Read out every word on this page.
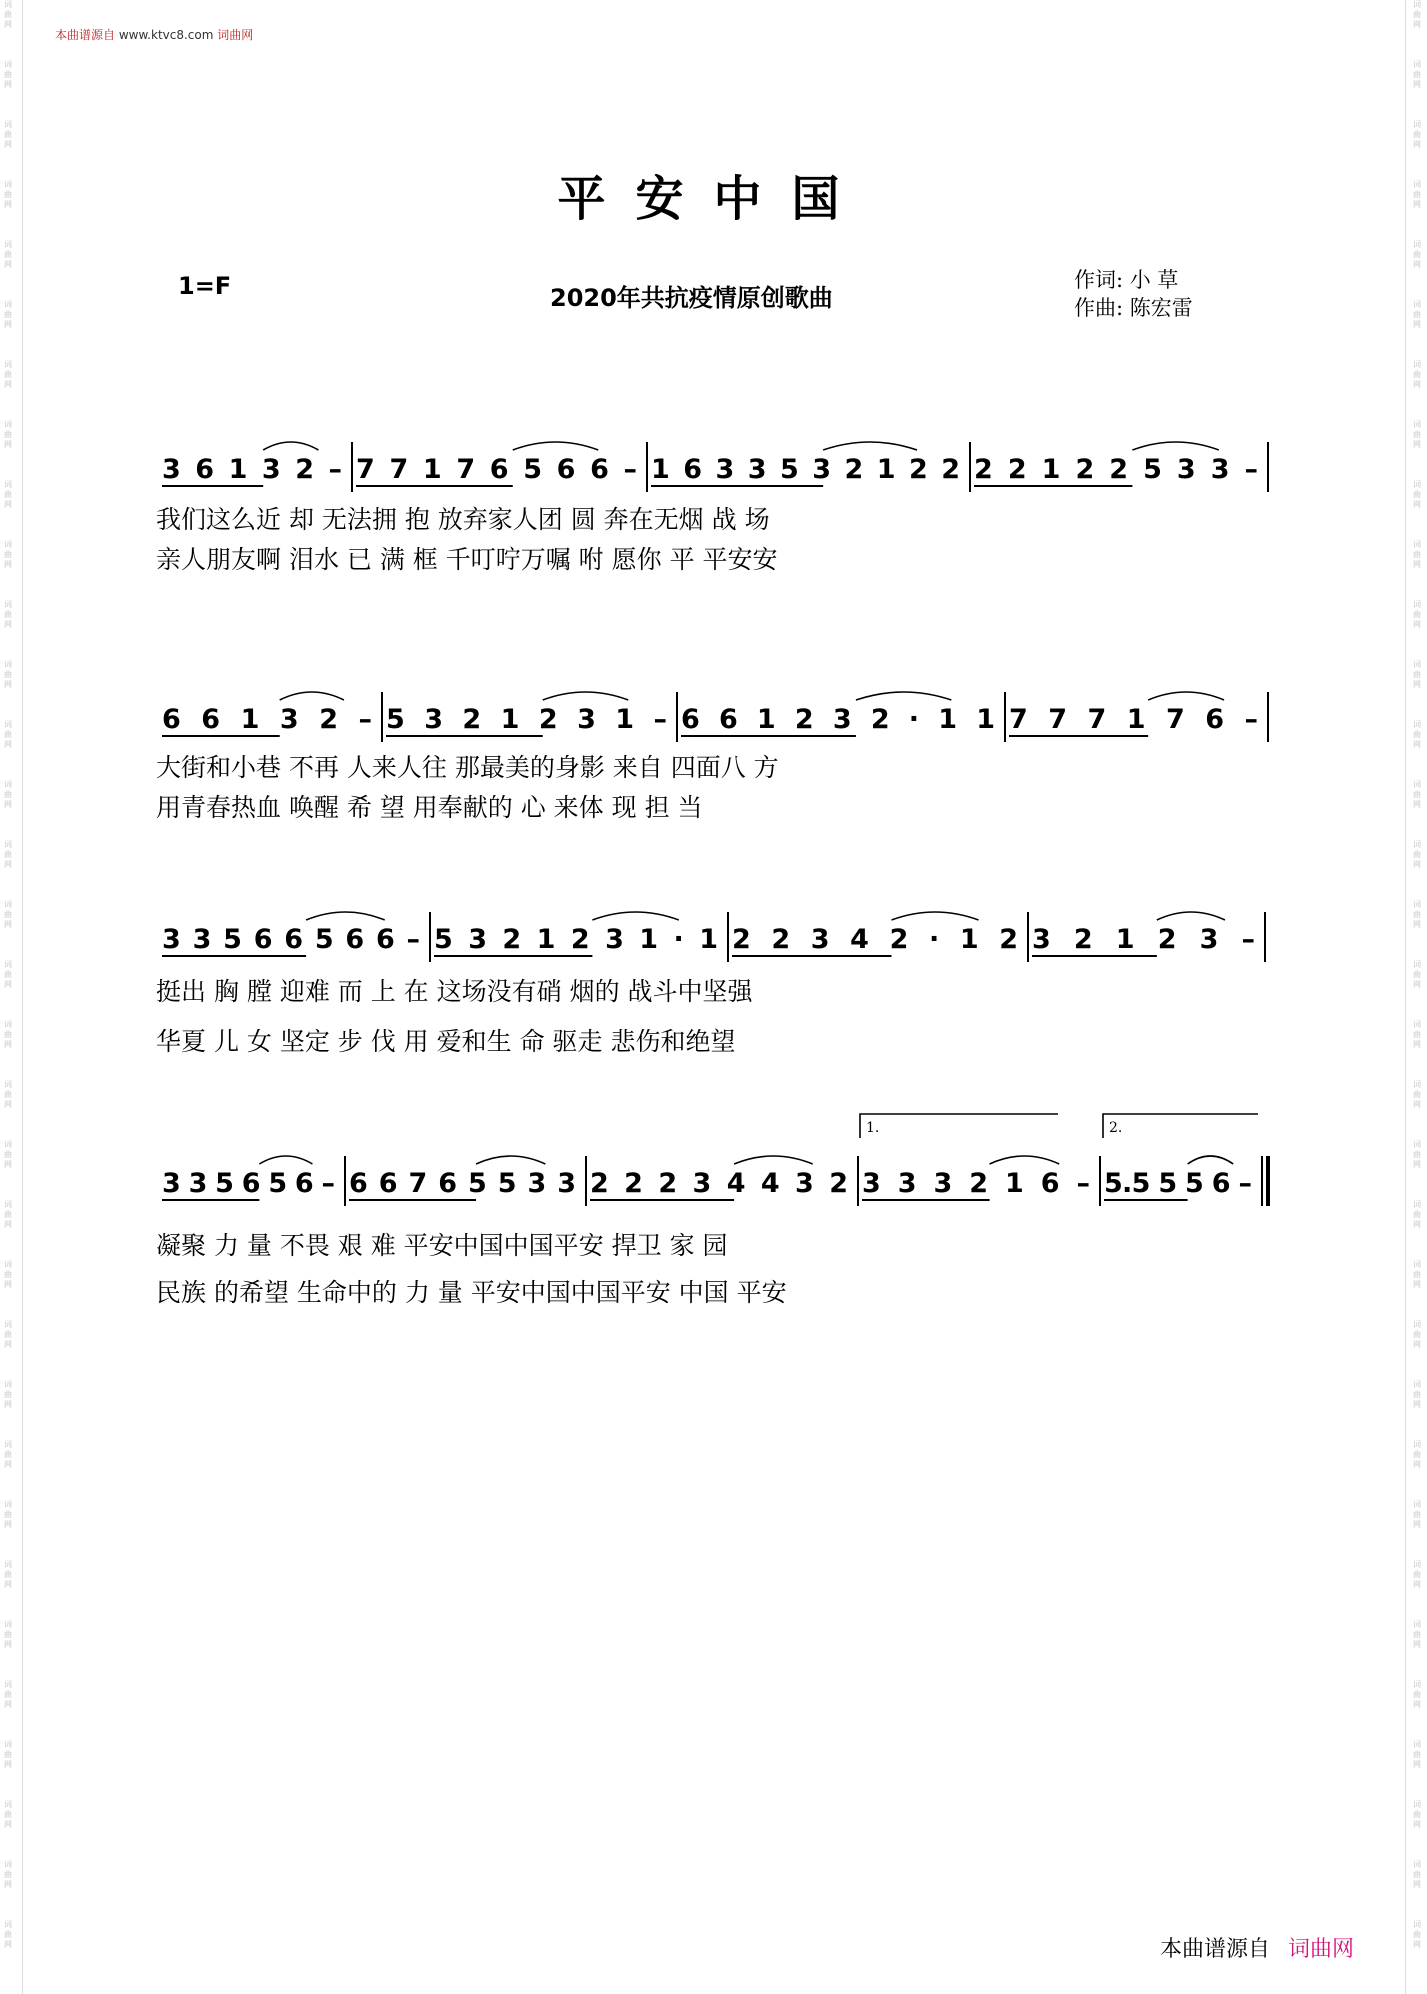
词
曲
网
词
曲
网
词
曲
网
词
曲
网
词
曲
网
词
曲
网
词
曲
网
词
曲
网
词
曲
网
词
曲
网
词
曲
网
词
曲
网
词
曲
网
词
曲
网
词
曲
网
词
曲
网
词
曲
网
词
曲
网
词
曲
网
词
曲
网
词
曲
网
词
曲
网
词
曲
网
词
曲
网
词
曲
网
词
曲
网
词
曲
网
词
曲
网
词
曲
网
词
曲
网
词
曲
网
词
曲
网
词
曲
网
词
曲
网
词
曲
网
词
曲
网
词
曲
网
词
曲
网
词
曲
网
词
曲
网
词
曲
网
词
曲
网
词
曲
网
词
曲
网
词
曲
网
词
曲
网
词
曲
网
词
曲
网
词
曲
网
词
曲
网
词
曲
网
词
曲
网
词
曲
网
词
曲
网
词
曲
网
词
曲
网
词
曲
网
词
曲
网
词
曲
网
词
曲
网
词
曲
网
词
曲
网
词
曲
网
词
曲
网
词
曲
网
词
曲
网
本曲谱源自 www.ktvc8.com 词曲网
平安中国
1=F	2020年共抗疫情原创歌曲
作词: 小 草
作曲: 陈宏雷
3 6 1 3 2 – 7 7 1 7 6 5 6 6 – 1 6 3 3 5 3 2 1 2 2 2 2 1 2 2 5 3 3 –
6 6 1 3 2 – 5 3 2 1 2 3 1 – 6 6 1 2 3 2 · 1 1 7 7 7 1 7 6 –
3 3 5 6 6 5 6 6 – 5 3 2 1 2 3 1 · 1 2 2 3 4 2 · 1 2 3 2 1 2 3 –
3 3 5 6 5 6 – 6 6 7 6 5 5 3 3 2 2 2 3 4 4 3 2 3 3 3 2 1 6 – 5.5 5 5 6 –
1.	2.
我们这么近 却 无法拥 抱 放弃家人团 圆 奔在无烟 战 场
亲人朋友啊 泪水 已 满 框 千叮咛万嘱 咐 愿你 平 平安安
大街和小巷 不再 人来人往 那最美的身影 来自 四面八 方
用青春热血 唤醒 希 望 用奉献的 心 来体 现 担 当
挺出 胸 膛 迎难 而 上 在 这场没有硝 烟的 战斗中坚强
华夏 儿 女 坚定 步 伐 用 爱和生 命 驱走 悲伤和绝望
凝聚 力 量 不畏 艰 难 平安中国中国平安 捍卫 家 园
民族 的希望 生命中的 力 量 平安中国中国平安 中国 平安
本曲谱源自 词曲网
